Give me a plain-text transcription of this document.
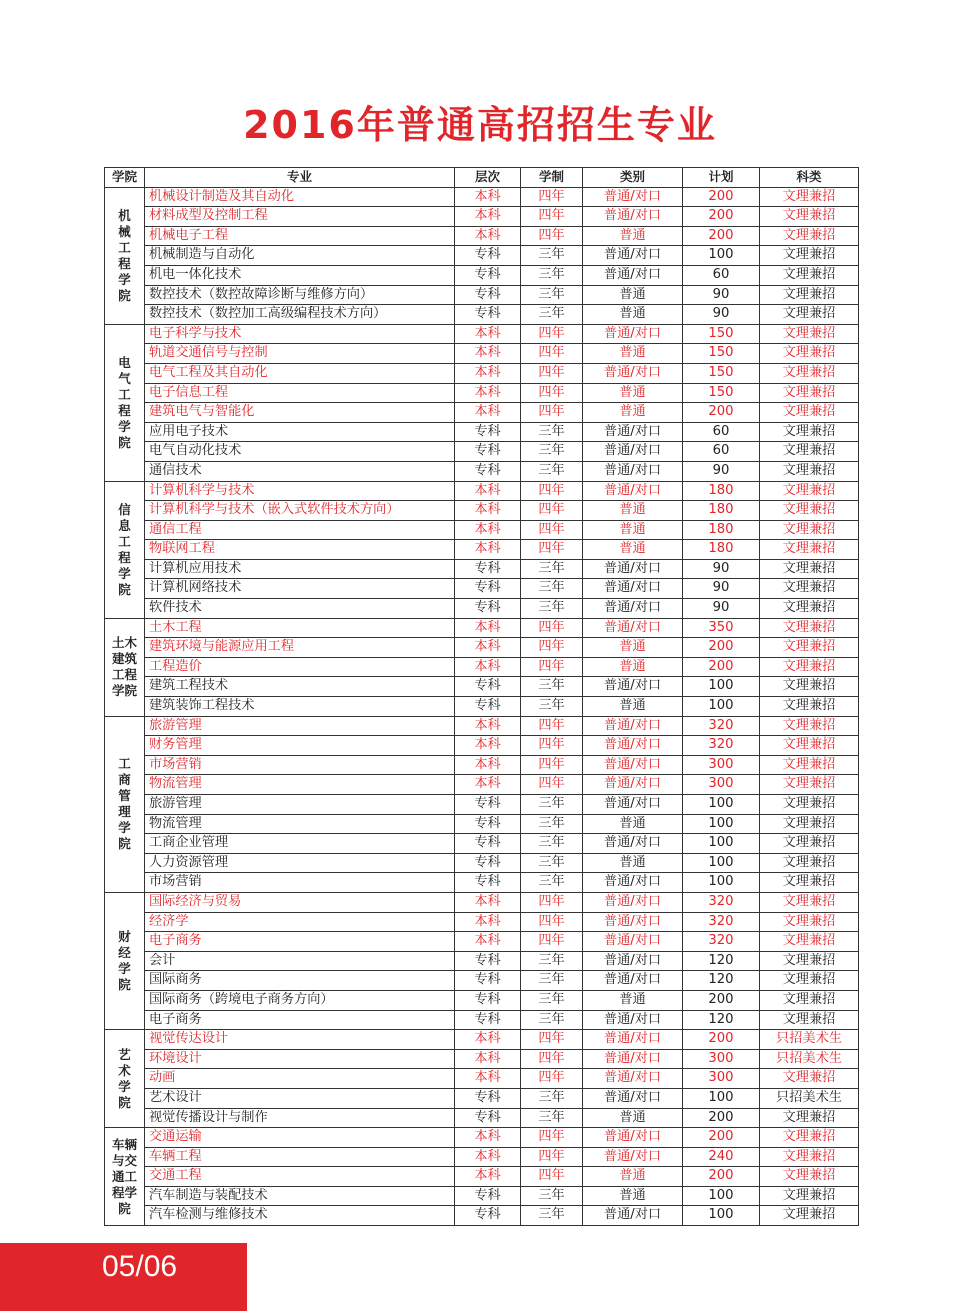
2016年普通高招招生专业
学院	专业	层次	学制	类别	计划	科类
机械工程学院	机械设计制造及其自动化	本科	四年	普通/对口	200	文理兼招
	材料成型及控制工程	本科	四年	普通/对口	200	文理兼招
	机械电子工程	本科	四年	普通	200	文理兼招
	机械制造与自动化	专科	三年	普通/对口	100	文理兼招
	机电一体化技术	专科	三年	普通/对口	60	文理兼招
	数控技术（数控故障诊断与维修方向）	专科	三年	普通	90	文理兼招
	数控技术（数控加工高级编程技术方向）	专科	三年	普通	90	文理兼招
电气工程学院	电子科学与技术	本科	四年	普通/对口	150	文理兼招
	轨道交通信号与控制	本科	四年	普通	150	文理兼招
	电气工程及其自动化	本科	四年	普通/对口	150	文理兼招
	电子信息工程	本科	四年	普通	150	文理兼招
	建筑电气与智能化	本科	四年	普通	200	文理兼招
	应用电子技术	专科	三年	普通/对口	60	文理兼招
	电气自动化技术	专科	三年	普通/对口	60	文理兼招
	通信技术	专科	三年	普通/对口	90	文理兼招
信息工程学院	计算机科学与技术	本科	四年	普通/对口	180	文理兼招
	计算机科学与技术（嵌入式软件技术方向）	本科	四年	普通	180	文理兼招
	通信工程	本科	四年	普通	180	文理兼招
	物联网工程	本科	四年	普通	180	文理兼招
	计算机应用技术	专科	三年	普通/对口	90	文理兼招
	计算机网络技术	专科	三年	普通/对口	90	文理兼招
	软件技术	专科	三年	普通/对口	90	文理兼招
土木建筑工程学院	土木工程	本科	四年	普通/对口	350	文理兼招
	建筑环境与能源应用工程	本科	四年	普通	200	文理兼招
	工程造价	本科	四年	普通	200	文理兼招
	建筑工程技术	专科	三年	普通/对口	100	文理兼招
	建筑装饰工程技术	专科	三年	普通	100	文理兼招
工商管理学院	旅游管理	本科	四年	普通/对口	320	文理兼招
	财务管理	本科	四年	普通/对口	320	文理兼招
	市场营销	本科	四年	普通/对口	300	文理兼招
	物流管理	本科	四年	普通/对口	300	文理兼招
	旅游管理	专科	三年	普通/对口	100	文理兼招
	物流管理	专科	三年	普通	100	文理兼招
	工商企业管理	专科	三年	普通/对口	100	文理兼招
	人力资源管理	专科	三年	普通	100	文理兼招
	市场营销	专科	三年	普通/对口	100	文理兼招
财经学院	国际经济与贸易	本科	四年	普通/对口	320	文理兼招
	经济学	本科	四年	普通/对口	320	文理兼招
	电子商务	本科	四年	普通/对口	320	文理兼招
	会计	专科	三年	普通/对口	120	文理兼招
	国际商务	专科	三年	普通/对口	120	文理兼招
	国际商务（跨境电子商务方向）	专科	三年	普通	200	文理兼招
	电子商务	专科	三年	普通/对口	120	文理兼招
艺术学院	视觉传达设计	本科	四年	普通/对口	200	只招美术生
	环境设计	本科	四年	普通/对口	300	只招美术生
	动画	本科	四年	普通/对口	300	文理兼招
	艺术设计	专科	三年	普通/对口	100	只招美术生
	视觉传播设计与制作	专科	三年	普通	200	文理兼招
车辆与交通工程学院	交通运输	本科	四年	普通/对口	200	文理兼招
	车辆工程	本科	四年	普通/对口	240	文理兼招
	交通工程	本科	四年	普通	200	文理兼招
	汽车制造与装配技术	专科	三年	普通	100	文理兼招
	汽车检测与维修技术	专科	三年	普通/对口	100	文理兼招
05/06
